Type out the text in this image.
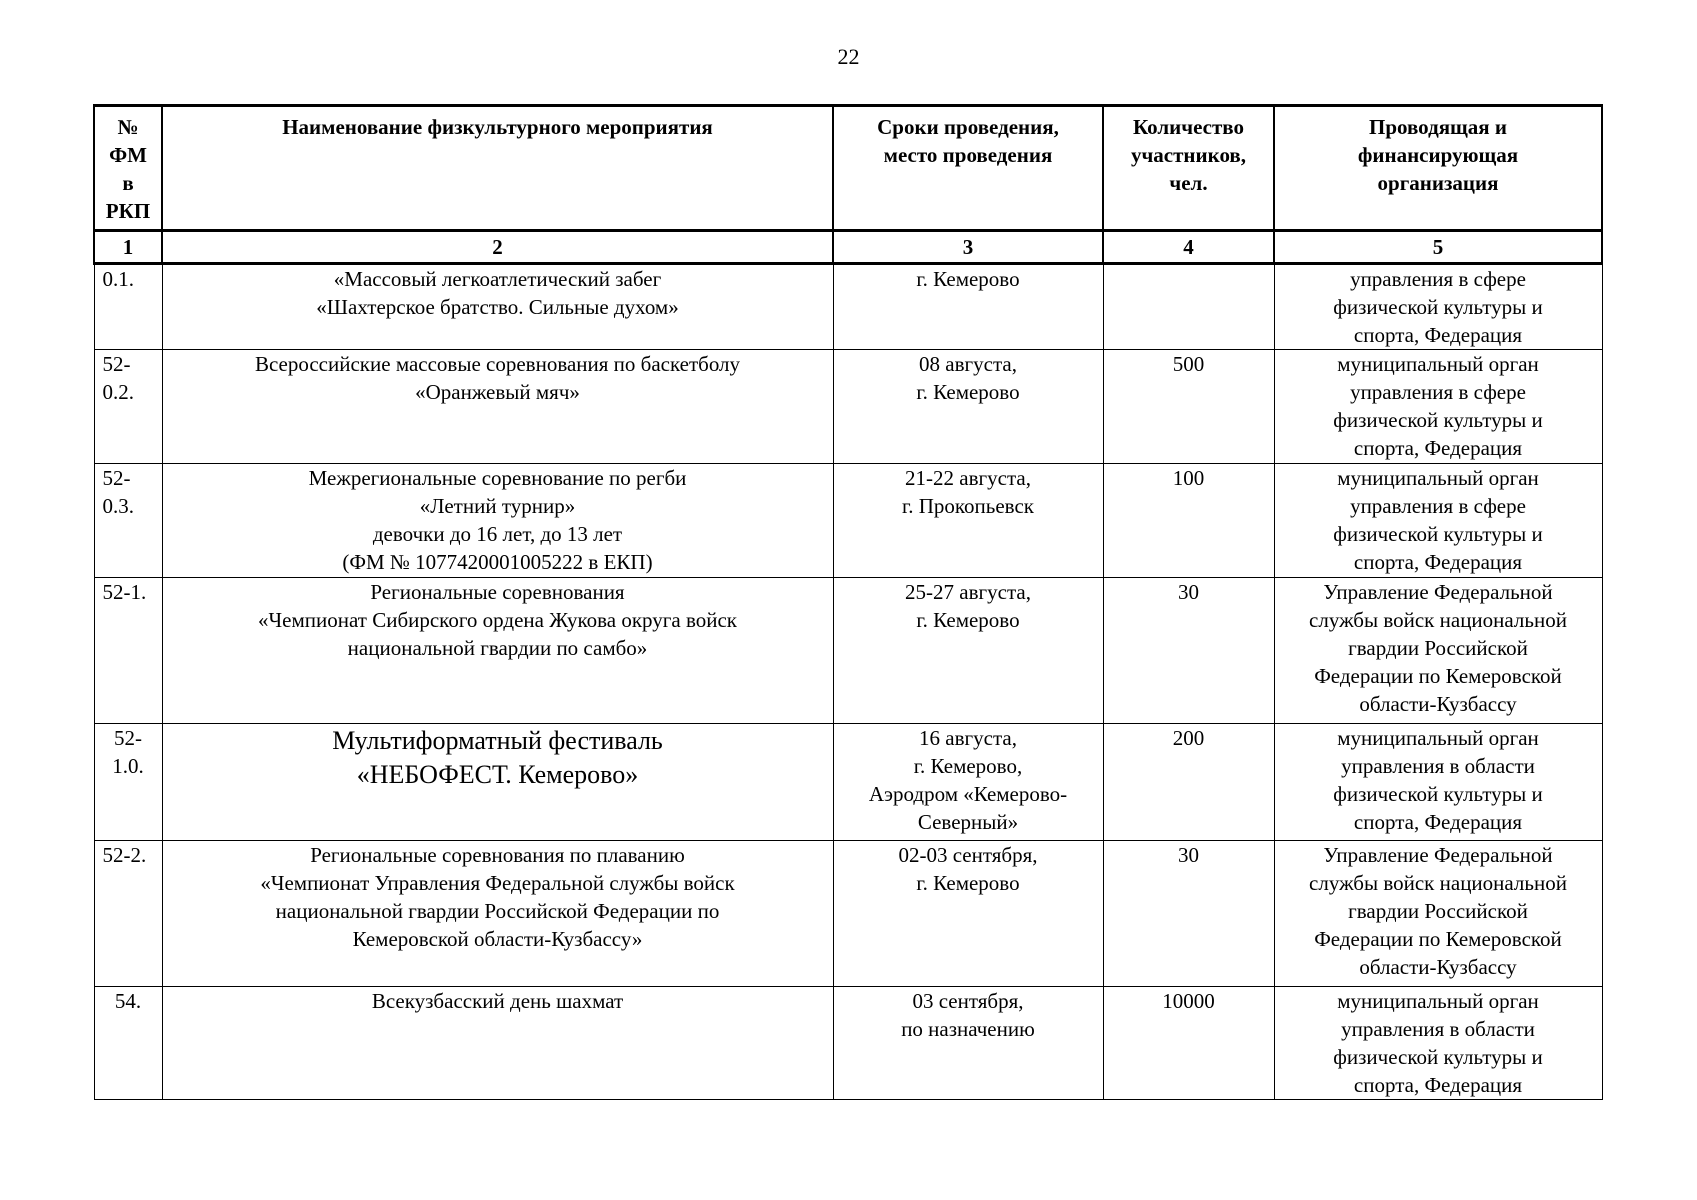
22
№
ФМ
в
РКП	Наименование физкультурного мероприятия	Сроки проведения,
место проведения	Количество
участников,
чел.	Проводящая и
финансирующая
организация

1	2	3	4	5

0.1.	«Массовый легкоатлетический забег
«Шахтерское братство. Сильные духом»	г. Кемерово		управления в сфере
физической культуры и
спорта, Федерация

52-
0.2.	Всероссийские массовые соревнования по баскетболу
«Оранжевый мяч»	08 августа,
г. Кемерово	500	муниципальный орган
управления в сфере
физической культуры и
спорта, Федерация

52-
0.3.	Межрегиональные соревнование по регби
«Летний турнир»
девочки до 16 лет, до 13 лет
(ФМ № 1077420001005222 в ЕКП)	21-22 августа,
г. Прокопьевск	100	муниципальный орган
управления в сфере
физической культуры и
спорта, Федерация

52-1.	Региональные соревнования
«Чемпионат Сибирского ордена Жукова округа войск
национальной гвардии по самбо»	25-27 августа,
г. Кемерово	30	Управление Федеральной
службы войск национальной
гвардии Российской
Федерации по Кемеровской
области-Кузбассу

52-
1.0.	Мультиформатный фестиваль
«НЕБОФЕСТ. Кемерово»	16 августа,
г. Кемерово,
Аэродром «Кемерово-
Северный»	200	муниципальный орган
управления в области
физической культуры и
спорта, Федерация

52-2.	Региональные соревнования по плаванию
«Чемпионат Управления Федеральной службы войск
национальной гвардии Российской Федерации по
Кемеровской области-Кузбассу»	02-03 сентября,
г. Кемерово	30	Управление Федеральной
службы войск национальной
гвардии Российской
Федерации по Кемеровской
области-Кузбассу

54.	Всекузбасский день шахмат	03 сентября,
по назначению	10000	муниципальный орган
управления в области
физической культуры и
спорта, Федерация
